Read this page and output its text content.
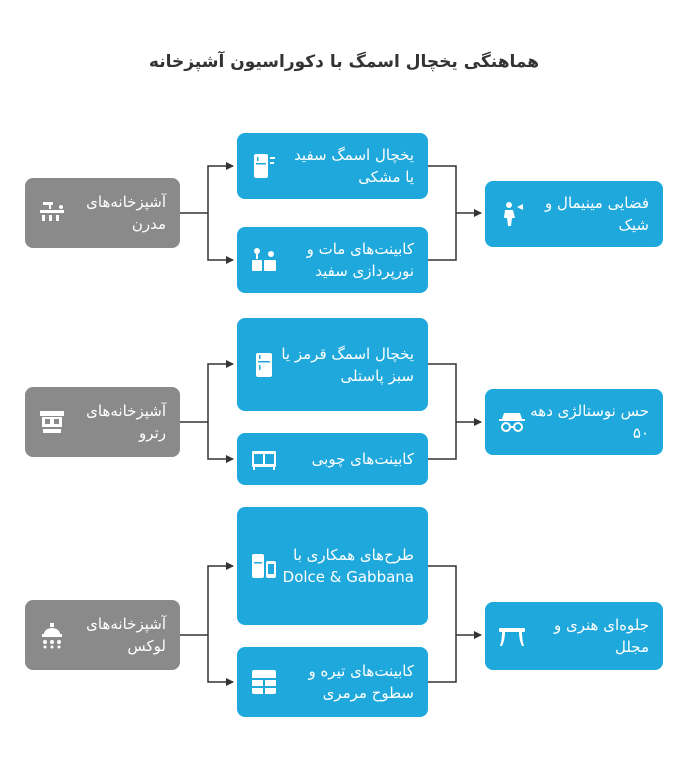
هماهنگی یخچال اسمگ با دکوراسیون آشپزخانه
آشپزخانه‌های مدرن
یخچال اسمگ سفید یا مشکی
کابینت‌های مات و نورپردازی سفید
فضایی مینیمال و شیک
آشپزخانه‌های رترو
یخچال اسمگ قرمز یا سبز پاستلی
کابینت‌های چوبی
حس نوستالژی دهه ۵۰
آشپزخانه‌های لوکس
طرح‌های همکاری با Dolce & Gabbana
کابینت‌های تیره و سطوح مرمری
جلوه‌ای هنری و مجلل
